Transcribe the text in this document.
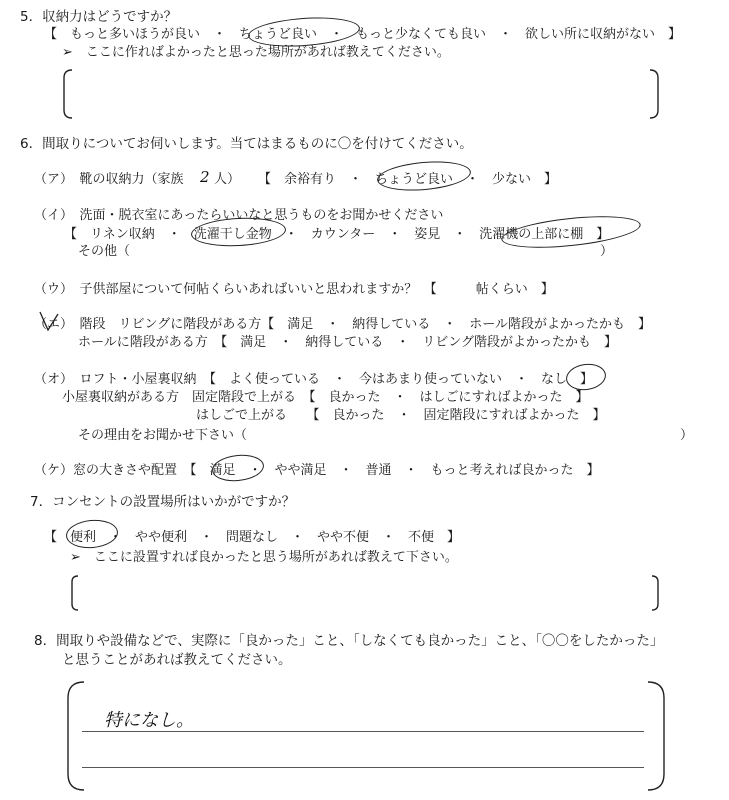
5．収納力はどうですか？
【　もっと多いほうが良い　・　ちょうど良い　・　もっと少なくても良い　・　欲しい所に収納がない　】
➢　ここに作ればよかったと思った場所があれば教えてください。
6．間取りについてお伺いします。当てはまるものに〇を付けてください。
（ア）　靴の収納力（家族 2 人） 【　余裕有り　・　ちょうど良い　・　少ない　】
（イ）　洗面・脱衣室にあったらいいなと思うものをお聞かせください
【　リネン収納　・　洗濯干し金物　・　カウンター　・　姿見　・　洗濯機の上部に棚　】
その他（	）
（ウ）　子供部屋について何帖くらいあればいいと思われますか？　【　　　帖くらい　】
（エ）　階段　リビングに階段がある方【　満足　・　納得している　・　ホール階段がよかったかも　】
ホールに階段がある方　【　満足　・　納得している　・　リビング階段がよかったかも　】
（オ）　ロフト・小屋裏収納　【　よく使っている　・　今はあまり使っていない　・　なし　】
小屋裏収納がある方　固定階段で上がる　【　良かった　・　はしごにすればよかった　】
はしごで上がる　　【　良かった　・　固定階段にすればよかった　】
その理由をお聞かせ下さい（	）
（ケ）窓の大きさや配置　【　満足　・　やや満足　・　普通　・　もっと考えれば良かった　】
7．コンセントの設置場所はいかがですか？
【　便利　・　やや便利　・　問題なし　・　やや不便　・　不便　】
➢　ここに設置すれば良かったと思う場所があれば教えて下さい。
8．間取りや設備などで、実際に「良かった」こと、「しなくても良かった」こと、「〇〇をしたかった」
と思うことがあれば教えてください。
特になし。
